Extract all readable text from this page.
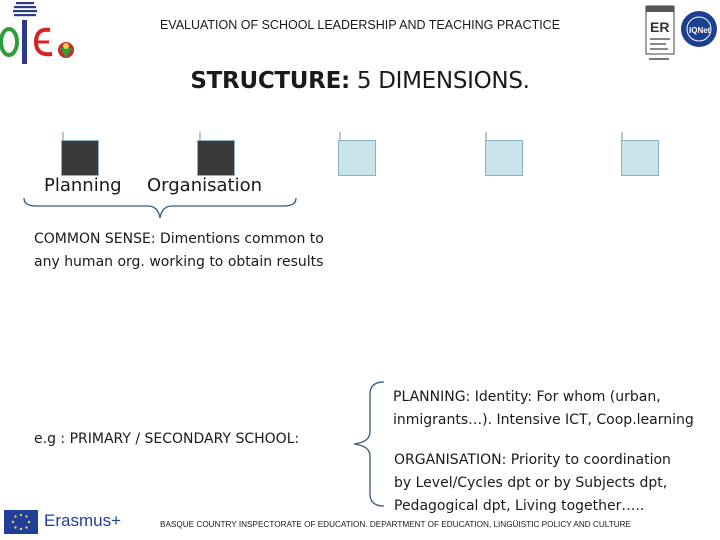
EVALUATION OF SCHOOL LEADERSHIP AND TEACHING PRACTICE	ER IQNet
STRUCTURE: 5 DIMENSIONS.
Planning Organisation
COMMON SENSE: Dimentions common to
any human org. working to obtain results
e.g : PRIMARY / SECONDARY SCHOOL:
PLANNING: Identity: For whom (urban,
inmigrants…). Intensive ICT, Coop.learning
ORGANISATION: Priority to coordination
by Level/Cycles dpt or by Subjects dpt,
Pedagogical dpt, Living together…..
Erasmus+	BASQUE COUNTRY INSPECTORATE OF EDUCATION. DEPARTMENT OF EDUCATION, LINGÜISTIC POLICY AND CULTURE
